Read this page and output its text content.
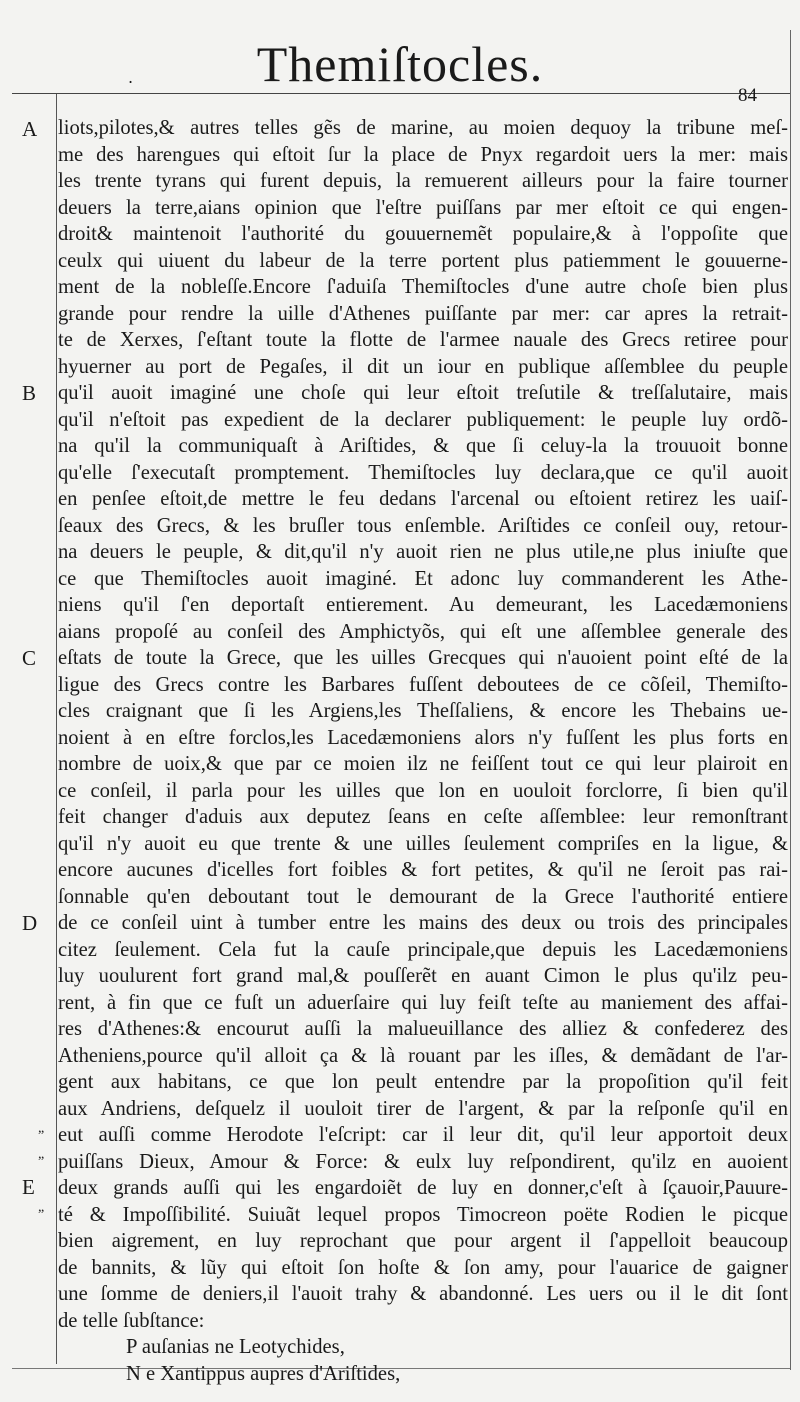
.	Themiſtocles.
84
A
B
C
D
E
„
„
„
liots,pilotes,& autres telles gẽs de marine, au moien dequoy la tribune meſ-
me des harengues qui eſtoit ſur la place de Pnyx regardoit uers la mer: mais
les trente tyrans qui furent depuis, la remuerent ailleurs pour la faire tourner
deuers la terre,aians opinion que l'eſtre puiſſans par mer eſtoit ce qui engen-
droit& maintenoit l'authorité du gouuernemẽt populaire,& à l'oppoſite que
ceulx qui uiuent du labeur de la terre portent plus patiemment le gouuerne-
ment de la nobleſſe.Encore ſ'aduiſa Themiſtocles d'une autre choſe bien plus
grande pour rendre la uille d'Athenes puiſſante par mer: car apres la retrait-
te de Xerxes, ſ'eſtant toute la flotte de l'armee nauale des Grecs retiree pour
hyuerner au port de Pegaſes, il dit un iour en publique aſſemblee du peuple
qu'il auoit imaginé une choſe qui leur eſtoit treſutile & treſſalutaire, mais
qu'il n'eſtoit pas expedient de la declarer publiquement: le peuple luy ordõ-
na qu'il la communiquaſt à Ariſtides, & que ſi celuy-la la trouuoit bonne
qu'elle ſ'executaſt promptement. Themiſtocles luy declara,que ce qu'il auoit
en penſee eſtoit,de mettre le feu dedans l'arcenal ou eſtoient retirez les uaiſ-
ſeaux des Grecs, & les bruſler tous enſemble. Ariſtides ce conſeil ouy, retour-
na deuers le peuple, & dit,qu'il n'y auoit rien ne plus utile,ne plus iniuſte que
ce que Themiſtocles auoit imaginé. Et adonc luy commanderent les Athe-
niens qu'il ſ'en deportaſt entierement. Au demeurant, les Lacedæmoniens
aians propoſé au conſeil des Amphictyõs, qui eſt une aſſemblee generale des
eſtats de toute la Grece, que les uilles Grecques qui n'auoient point eſté de la
ligue des Grecs contre les Barbares fuſſent deboutees de ce cõſeil, Themiſto-
cles craignant que ſi les Argiens,les Theſſaliens, & encore les Thebains ue-
noient à en eſtre forclos,les Lacedæmoniens alors n'y fuſſent les plus forts en
nombre de uoix,& que par ce moien ilz ne feiſſent tout ce qui leur plairoit en
ce conſeil, il parla pour les uilles que lon en uouloit forclorre, ſi bien qu'il
feit changer d'aduis aux deputez ſeans en ceſte aſſemblee: leur remonſtrant
qu'il n'y auoit eu que trente & une uilles ſeulement compriſes en la ligue, &
encore aucunes d'icelles fort foibles & fort petites, & qu'il ne ſeroit pas rai-
ſonnable qu'en deboutant tout le demourant de la Grece l'authorité entiere
de ce conſeil uint à tumber entre les mains des deux ou trois des principales
citez ſeulement. Cela fut la cauſe principale,que depuis les Lacedæmoniens
luy uoulurent fort grand mal,& pouſſerẽt en auant Cimon le plus qu'ilz peu-
rent, à fin que ce fuſt un aduerſaire qui luy feiſt teſte au maniement des affai-
res d'Athenes:& encourut auſſi la malueuillance des alliez & confederez des
Atheniens,pource qu'il alloit ça & là rouant par les iſles, & demãdant de l'ar-
gent aux habitans, ce que lon peult entendre par la propoſition qu'il feit
aux Andriens, deſquelz il uouloit tirer de l'argent, & par la reſponſe qu'il en
eut auſſi comme Herodote l'eſcript: car il leur dit, qu'il leur apportoit deux
puiſſans Dieux, Amour & Force: & eulx luy reſpondirent, qu'ilz en auoient
deux grands auſſi qui les engardoiẽt de luy en donner,c'eſt à ſçauoir,Pauure-
té & Impoſſibilité. Suiuãt lequel propos Timocreon poëte Rodien le picque
bien aigrement, en luy reprochant que pour argent il ſ'appelloit beaucoup
de bannits, & lũy qui eſtoit ſon hoſte & ſon amy, pour l'auarice de gaigner
une ſomme de deniers,il l'auoit trahy & abandonné. Les uers ou il le dit ſont
de telle ſubſtance:
P auſanias ne Leotychides,
N e Xantippus aupres d'Ariſtides,
